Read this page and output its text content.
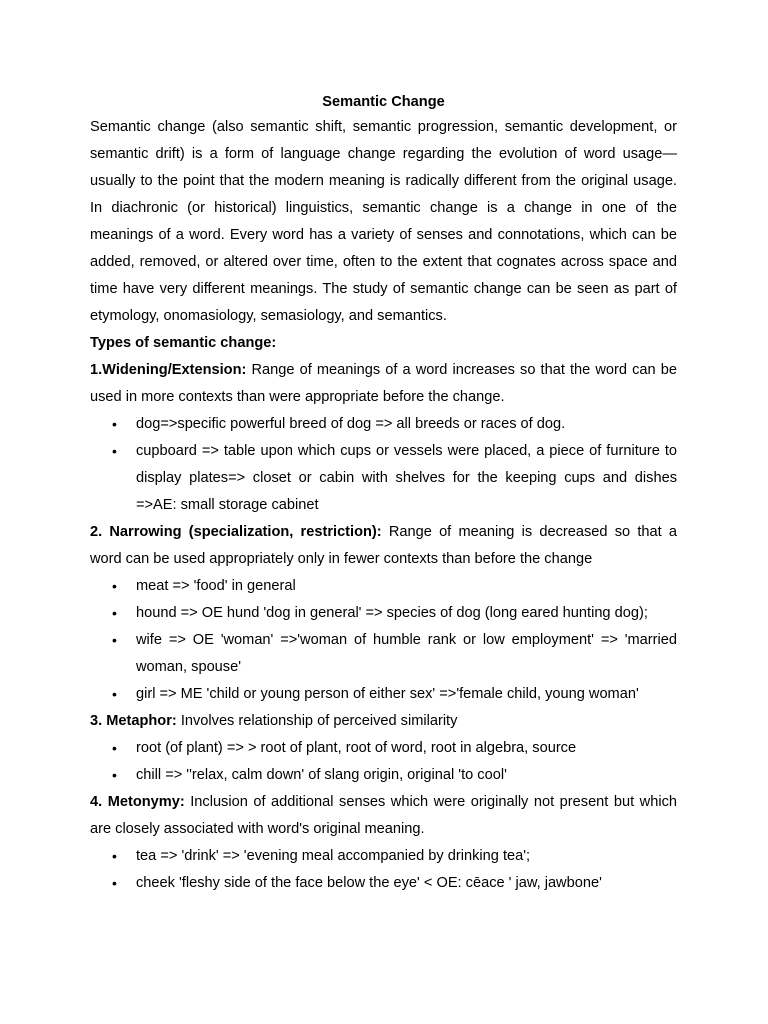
Semantic Change

Semantic change (also semantic shift, semantic progression, semantic development, or semantic drift) is a form of language change regarding the evolution of word usage—usually to the point that the modern meaning is radically different from the original usage. In diachronic (or historical) linguistics, semantic change is a change in one of the meanings of a word. Every word has a variety of senses and connotations, which can be added, removed, or altered over time, often to the extent that cognates across space and time have very different meanings. The study of semantic change can be seen as part of etymology, onomasiology, semasiology, and semantics.

Types of semantic change:

1.Widening/Extension: Range of meanings of a word increases so that the word can be used in more contexts than were appropriate before the change.

• dog=>specific powerful breed of dog => all breeds or races of dog.
• cupboard => table upon which cups or vessels were placed, a piece of furniture to display plates=> closet or cabin with shelves for the keeping cups and dishes =>AE: small storage cabinet

2. Narrowing (specialization, restriction): Range of meaning is decreased so that a word can be used appropriately only in fewer contexts than before the change

• meat => 'food' in general
• hound => OE hund 'dog in general' => species of dog (long eared hunting dog);
• wife => OE 'woman' =>'woman of humble rank or low employment' => 'married woman, spouse'
• girl => ME 'child or young person of either sex' =>'female child, young woman'

3. Metaphor: Involves relationship of perceived similarity

• root (of plant) => > root of plant, root of word, root in algebra, source
• chill => ''relax, calm down' of slang origin, original 'to cool'

4. Metonymy: Inclusion of additional senses which were originally not present but which are closely associated with word's original meaning.

• tea => 'drink' => 'evening meal accompanied by drinking tea';
• cheek 'fleshy side of the face below the eye' < OE: cēace ' jaw, jawbone'
